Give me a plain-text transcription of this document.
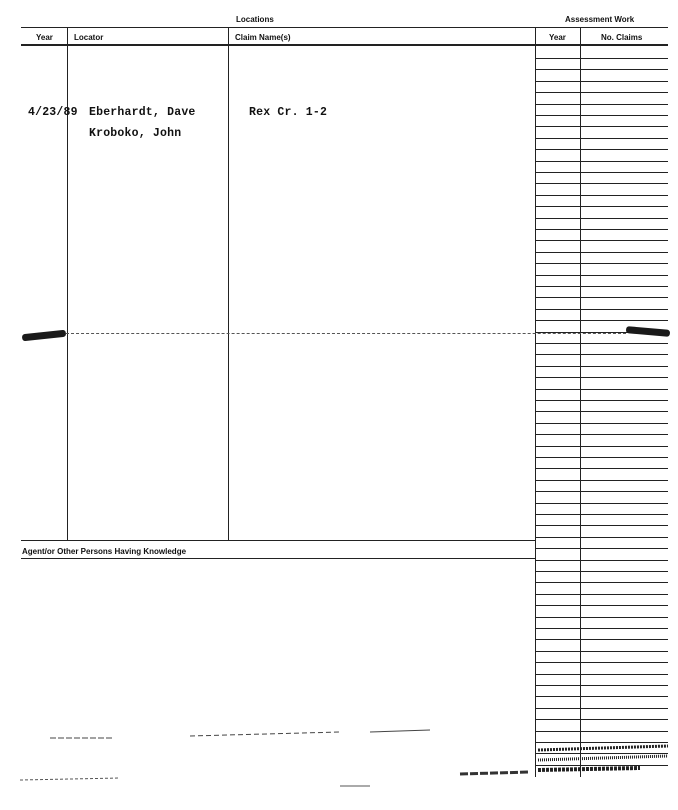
Locations	Assessment Work
Year	Locator	Claim Name(s)	Year	No. Claims
4/23/89 Eberhardt, Dave	Rex Cr. 1-2
Kroboko, John
Agent/or Other Persons Having Knowledge
